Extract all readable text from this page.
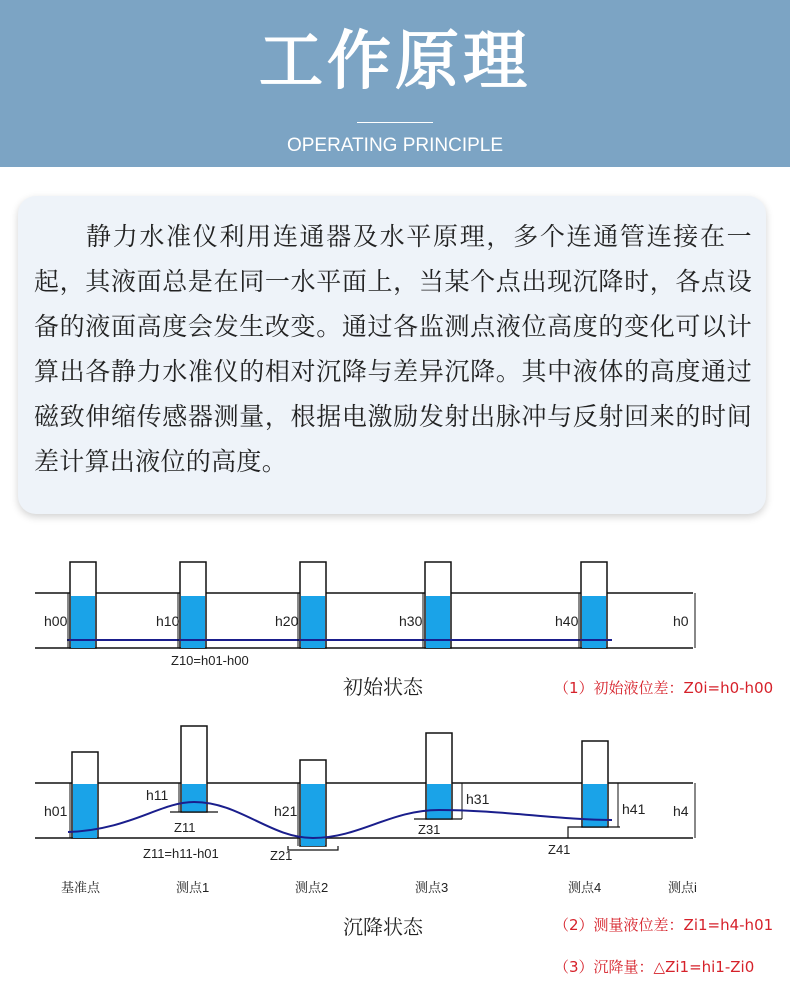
工作原理
OPERATING PRINCIPLE

静力水准仪利用连通器及水平原理，多个连通管连接在一起，其液面总是在同一水平面上，当某个点出现沉降时，各点设备的液面高度会发生改变。通过各监测点液位高度的变化可以计算出各静力水准仪的相对沉降与差异沉降。其中液体的高度通过磁致伸缩传感器测量，根据电激励发射出脉冲与反射回来的时间差计算出液位的高度。

h00	h10	h20	h30	h40	h0
Z10=h01-h00
初始状态	（1）初始液位差：Z0i=h0-h00
h01
h11
h21
h31
h41 h4
Z11
Z21
Z31
Z41
Z11=h11-h01
基准点	测点1	测点2	测点3	测点4	测点i
沉降状态	（2）测量液位差：Zi1=h4-h01
（3）沉降量：△Zi1=hi1-Zi0
